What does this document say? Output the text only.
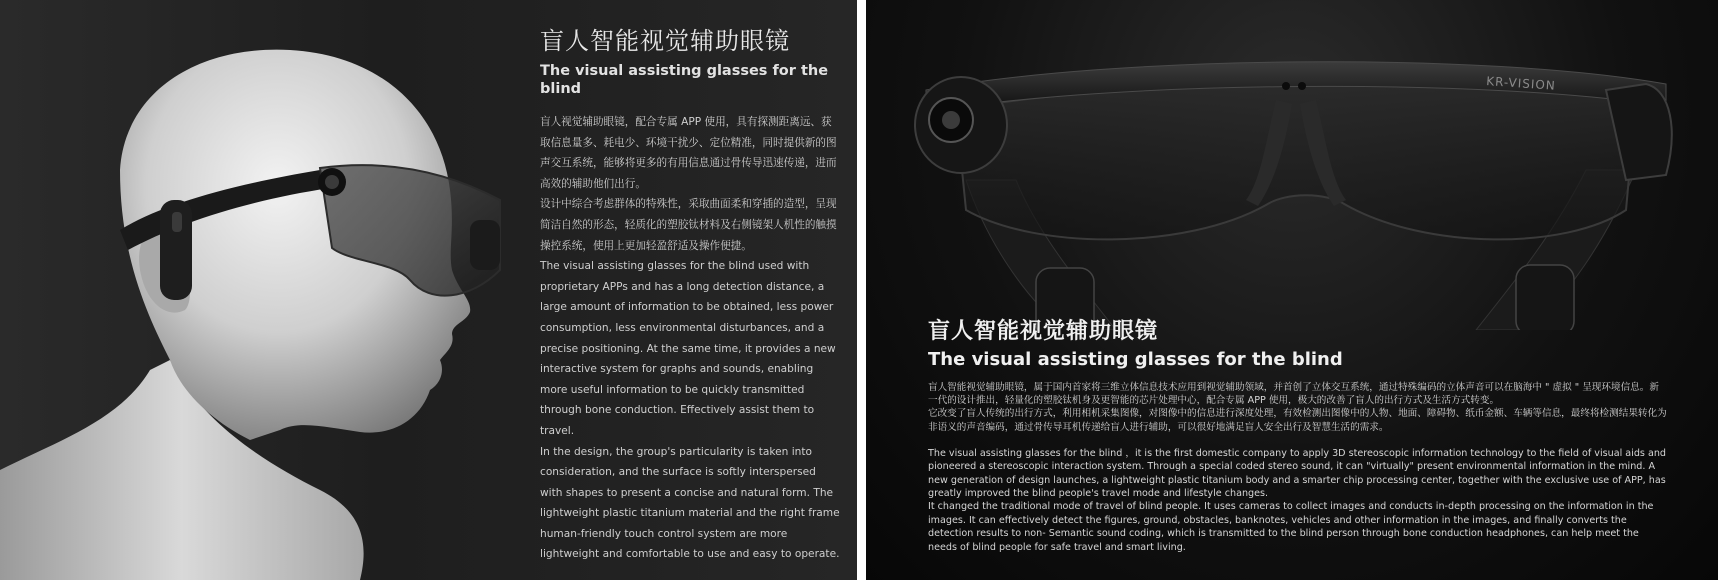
盲人智能视觉辅助眼镜
The visual assisting glasses for the blind

盲人视觉辅助眼镜，配合专属 APP 使用，具有探测距离远、获取信息量多、耗电少、环境干扰少、定位精准，同时提供新的图声交互系统，能够将更多的有用信息通过骨传导迅速传递，进而高效的辅助他们出行。

设计中综合考虑群体的特殊性，采取曲面柔和穿插的造型，呈现简洁自然的形态，轻质化的塑胶钛材料及右侧镜架人机性的触摸操控系统，使用上更加轻盈舒适及操作便捷。

The visual assisting glasses for the blind used with proprietary APPs and has a long detection distance, a large amount of information to be obtained, less power consumption, less environmental disturbances, and a precise positioning. At the same time, it provides a new interactive system for graphs and sounds, enabling more useful information to be quickly transmitted through bone conduction. Effectively assist them to travel.

In the design, the group's particularity is taken into consideration, and the surface is softly interspersed with shapes to present a concise and natural form. The lightweight plastic titanium material and the right frame human-friendly touch control system are more lightweight and comfortable to use and easy to operate.

KR-VISION
盲人智能视觉辅助眼镜
The visual assisting glasses for the blind

盲人智能视觉辅助眼镜，属于国内首家将三维立体信息技术应用到视觉辅助领域，并首创了立体交互系统，通过特殊编码的立体声音可以在脑海中 " 虚拟 " 呈现环境信息。新一代的设计推出，轻量化的塑胶钛机身及更智能的芯片处理中心，配合专属 APP 使用，极大的改善了盲人的出行方式及生活方式转变。

它改变了盲人传统的出行方式，利用相机采集图像，对图像中的信息进行深度处理，有效检测出图像中的人物、地面、障碍物、纸币金额、车辆等信息，最终将检测结果转化为非语义的声音编码，通过骨传导耳机传递给盲人进行辅助，可以很好地满足盲人安全出行及智慧生活的需求。

The visual assisting glasses for the blind ，it is the first domestic company to apply 3D stereoscopic information technology to the field of visual aids and pioneered a stereoscopic interaction system. Through a special coded stereo sound, it can "virtually" present environmental information in the mind. A new generation of design launches, a lightweight plastic titanium body and a smarter chip processing center, together with the exclusive use of APP, has greatly improved the blind people's travel mode and lifestyle changes.

It changed the traditional mode of travel of blind people. It uses cameras to collect images and conducts in-depth processing on the information in the images. It can effectively detect the figures, ground, obstacles, banknotes, vehicles and other information in the images, and finally converts the detection results to non- Semantic sound coding, which is transmitted to the blind person through bone conduction headphones, can help meet the needs of blind people for safe travel and smart living.
